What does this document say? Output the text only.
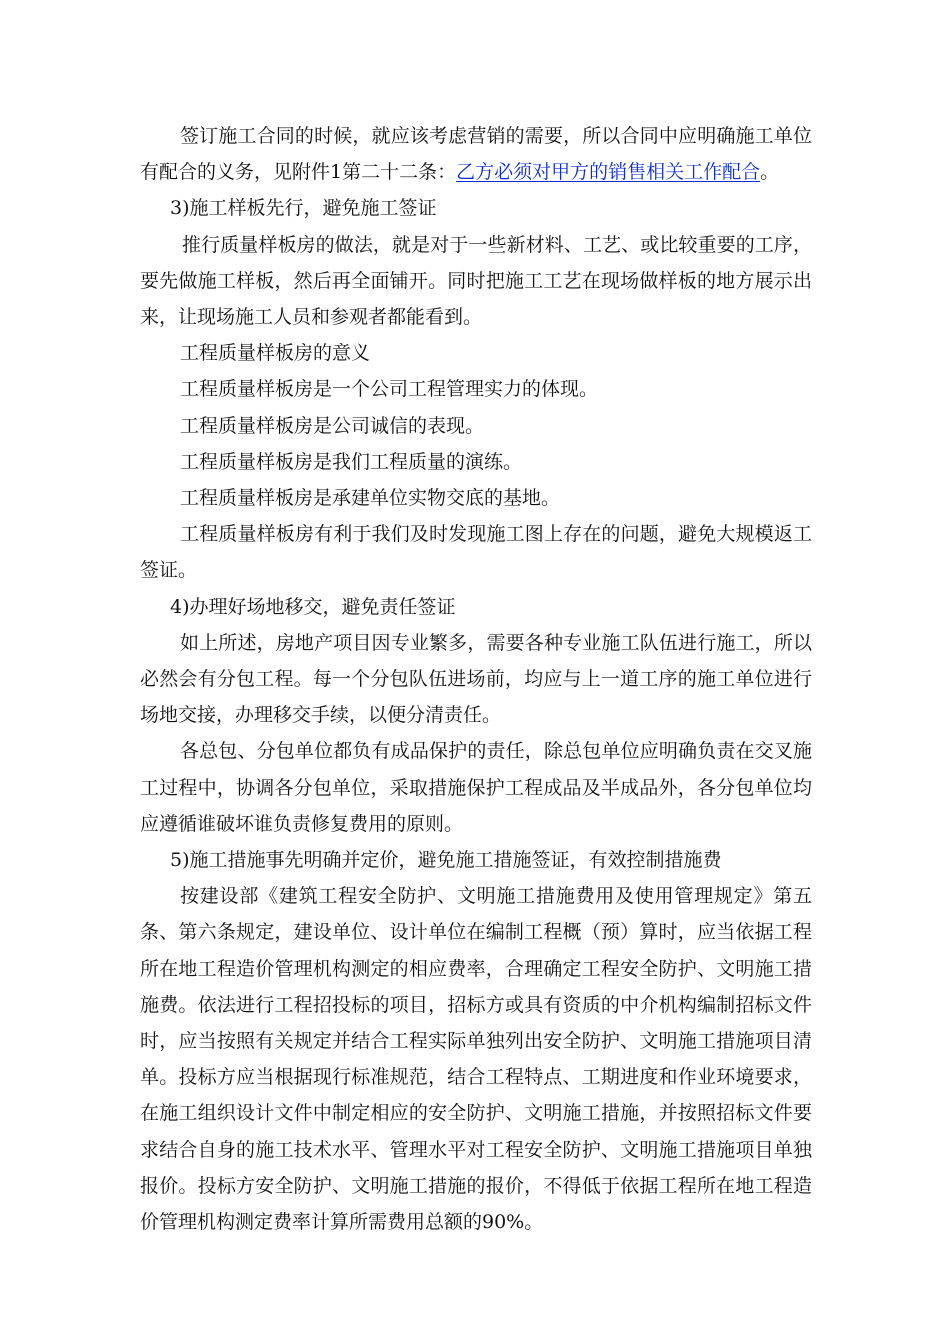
签订施工合同的时候，就应该考虑营销的需要，所以合同中应明确施工单位有配合的义务，见附件1第二十二条：乙方必须对甲方的销售相关工作配合。

3)施工样板先行，避免施工签证

推行质量样板房的做法，就是对于一些新材料、工艺、或比较重要的工序，要先做施工样板，然后再全面铺开。同时把施工工艺在现场做样板的地方展示出来，让现场施工人员和参观者都能看到。

工程质量样板房的意义

工程质量样板房是一个公司工程管理实力的体现。

工程质量样板房是公司诚信的表现。

工程质量样板房是我们工程质量的演练。

工程质量样板房是承建单位实物交底的基地。

工程质量样板房有利于我们及时发现施工图上存在的问题，避免大规模返工签证。

4)办理好场地移交，避免责任签证

如上所述，房地产项目因专业繁多，需要各种专业施工队伍进行施工，所以必然会有分包工程。每一个分包队伍进场前，均应与上一道工序的施工单位进行场地交接，办理移交手续，以便分清责任。

各总包、分包单位都负有成品保护的责任，除总包单位应明确负责在交叉施工过程中，协调各分包单位，采取措施保护工程成品及半成品外，各分包单位均应遵循谁破坏谁负责修复费用的原则。

5)施工措施事先明确并定价，避免施工措施签证，有效控制措施费

按建设部《建筑工程安全防护、文明施工措施费用及使用管理规定》第五条、第六条规定，建设单位、设计单位在编制工程概（预）算时，应当依据工程所在地工程造价管理机构测定的相应费率，合理确定工程安全防护、文明施工措施费。依法进行工程招投标的项目，招标方或具有资质的中介机构编制招标文件时，应当按照有关规定并结合工程实际单独列出安全防护、文明施工措施项目清单。投标方应当根据现行标准规范，结合工程特点、工期进度和作业环境要求，在施工组织设计文件中制定相应的安全防护、文明施工措施，并按照招标文件要求结合自身的施工技术水平、管理水平对工程安全防护、文明施工措施项目单独报价。投标方安全防护、文明施工措施的报价，不得低于依据工程所在地工程造价管理机构测定费率计算所需费用总额的90%。
